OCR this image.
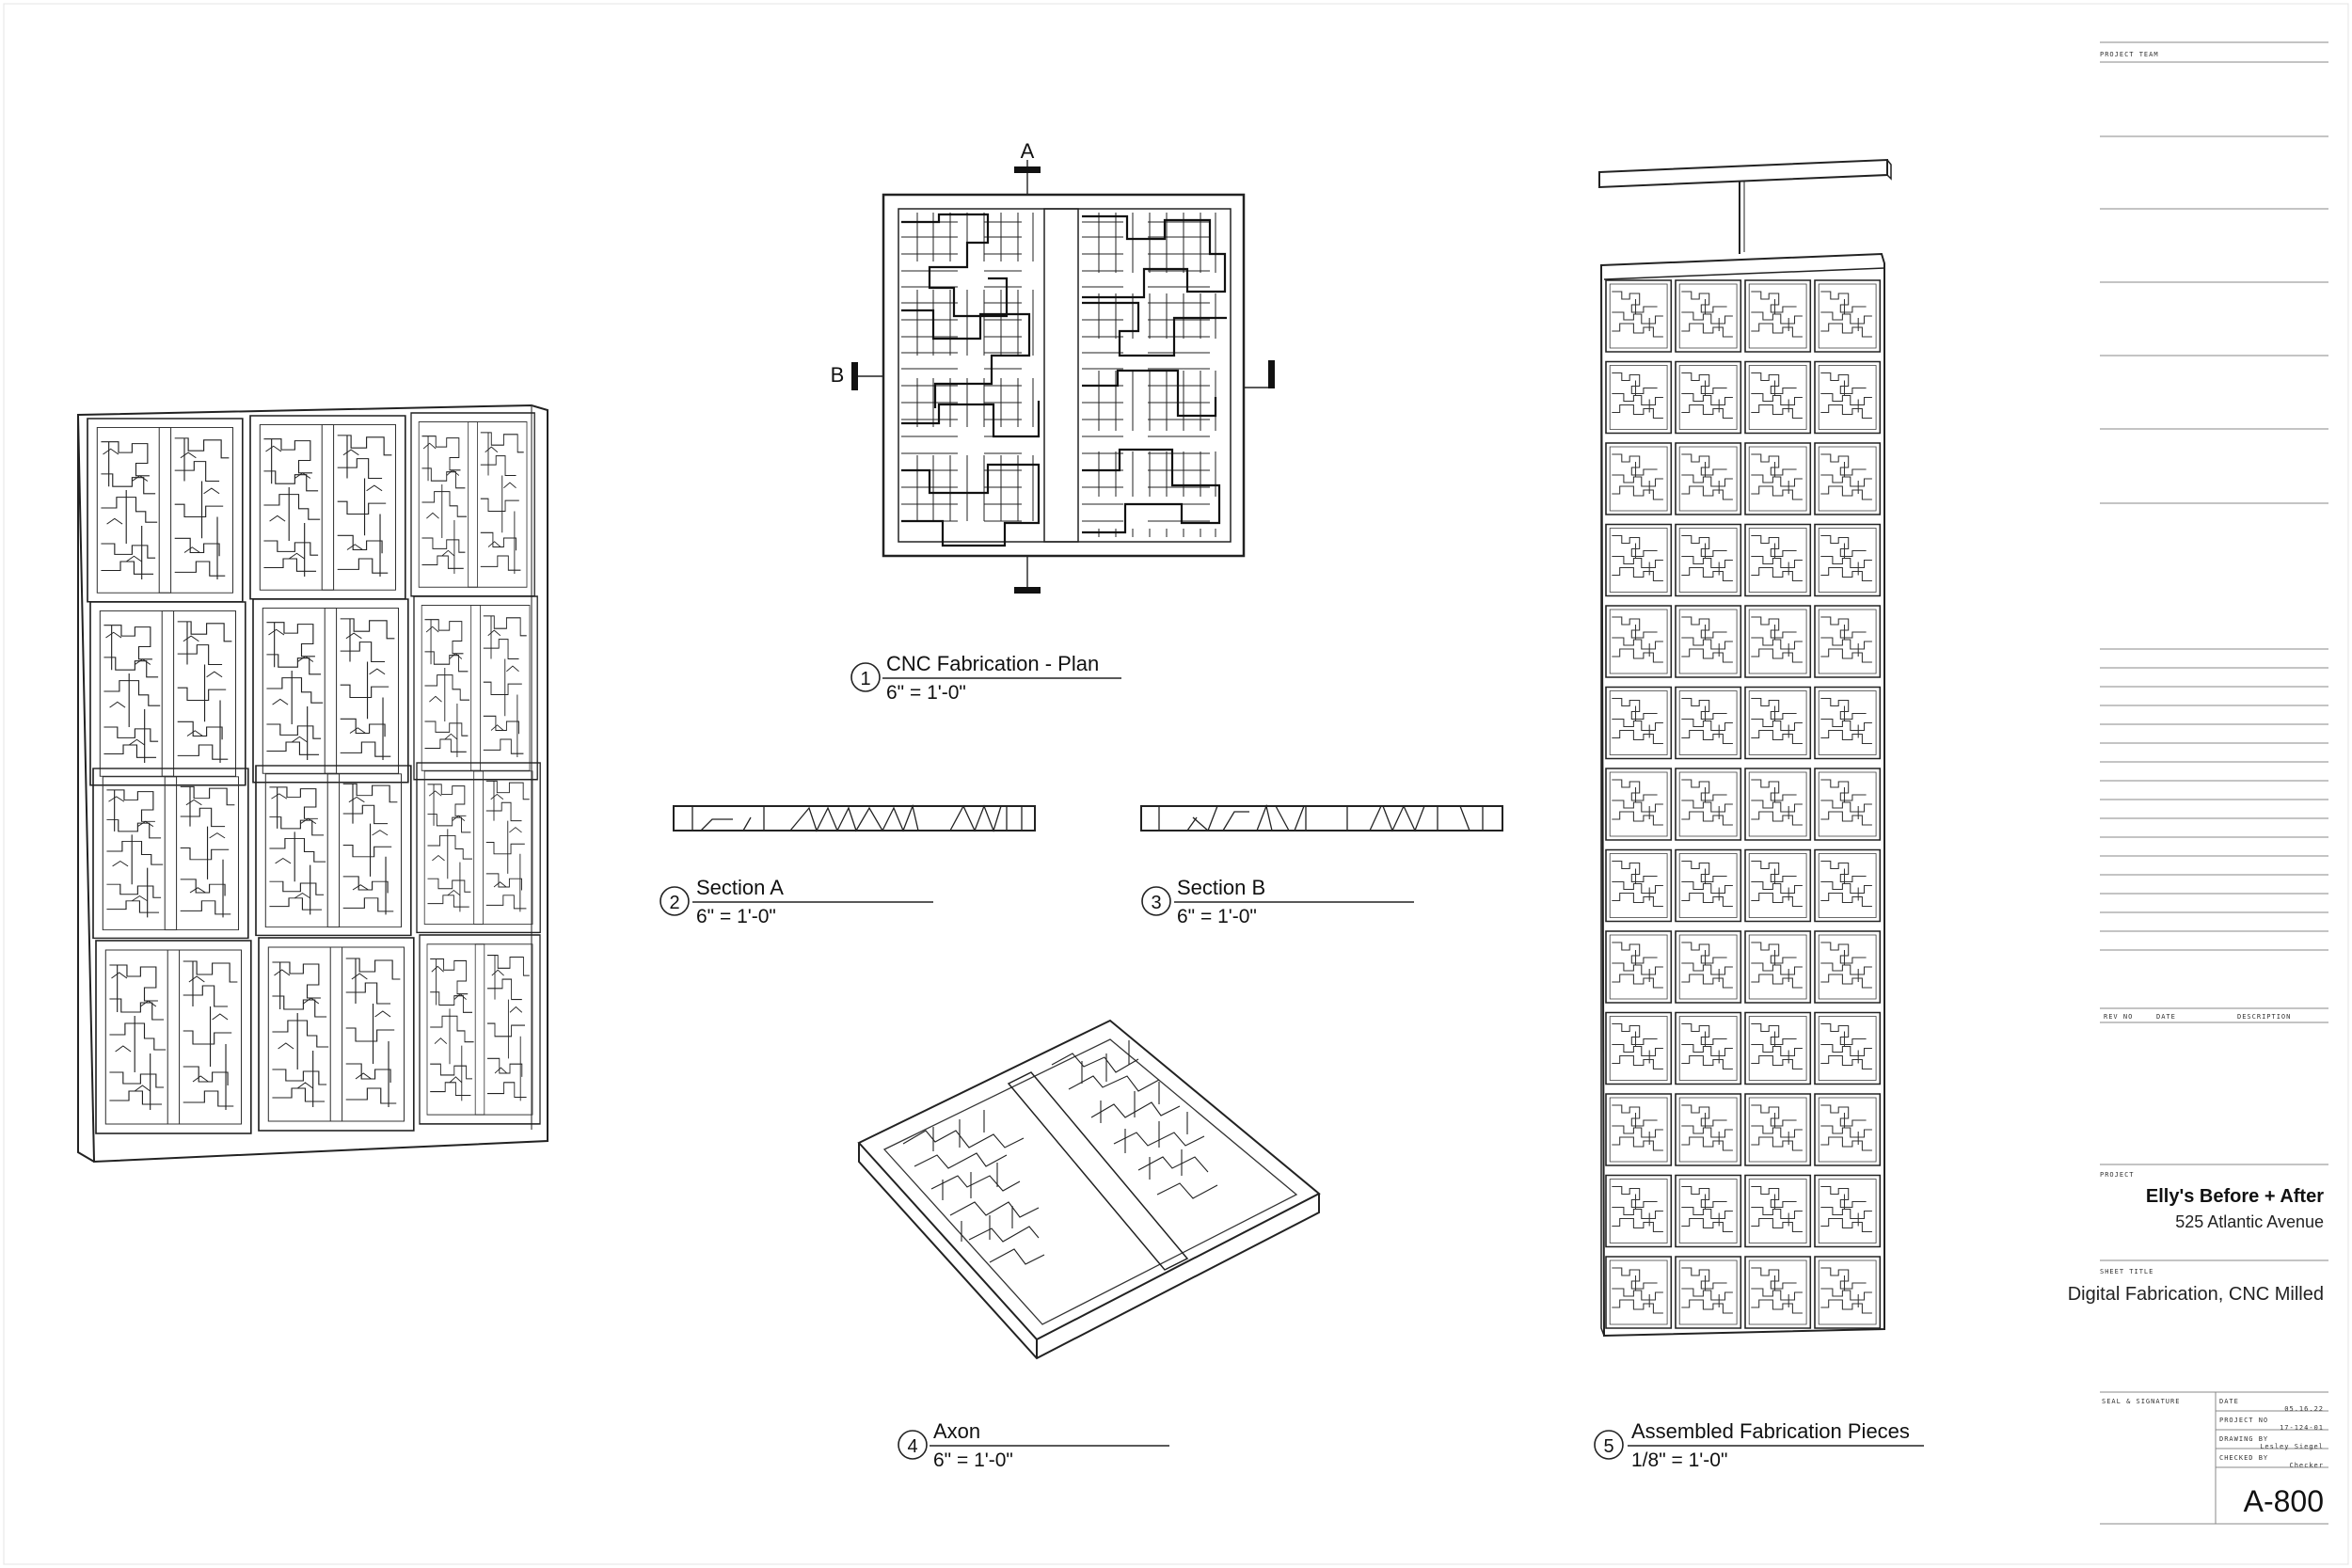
PROJECT TEAM
REV NO	DATE	DESCRIPTION
PROJECT
SHEET TITLE
SEAL & SIGNATURE	DATE
05.16.22
PROJECT NO
17-124-01
DRAWING BY
Lesley Siegel
CHECKED BY
Checker
Elly's Before + After
525 Atlantic Avenue
Digital Fabrication, CNC Milled
A-800
A
B
1
CNC Fabrication - Plan
6" = 1'-0"
2
Section A
6" = 1'-0"
3
Section B
6" = 1'-0"
4
Axon
6" = 1'-0"
5
Assembled Fabrication Pieces
1/8" = 1'-0"
